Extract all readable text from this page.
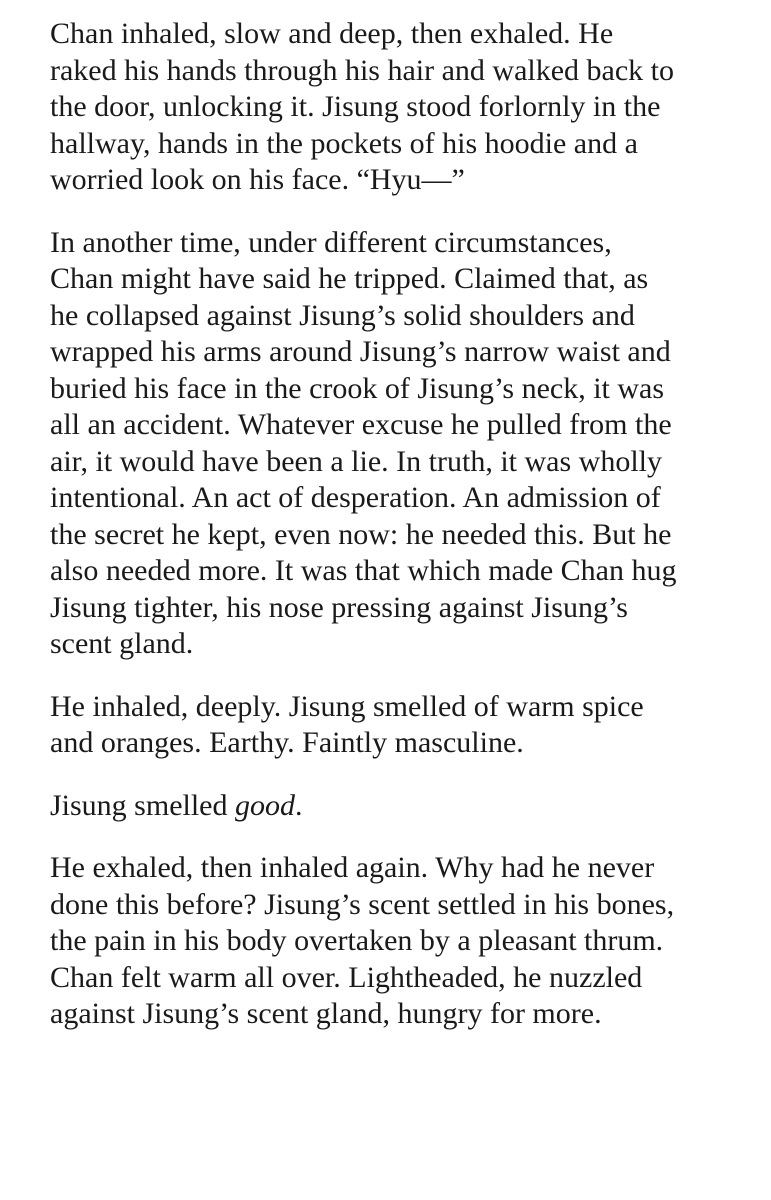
Chan inhaled, slow and deep, then exhaled. He
raked his hands through his hair and walked back to
the door, unlocking it. Jisung stood forlornly in the
hallway, hands in the pockets of his hoodie and a
worried look on his face. “Hyu—”

In another time, under different circumstances,
Chan might have said he tripped. Claimed that, as
he collapsed against Jisung’s solid shoulders and
wrapped his arms around Jisung’s narrow waist and
buried his face in the crook of Jisung’s neck, it was
all an accident. Whatever excuse he pulled from the
air, it would have been a lie. In truth, it was wholly
intentional. An act of desperation. An admission of
the secret he kept, even now: he needed this. But he
also needed more. It was that which made Chan hug
Jisung tighter, his nose pressing against Jisung’s
scent gland.

He inhaled, deeply. Jisung smelled of warm spice
and oranges. Earthy. Faintly masculine.

Jisung smelled good.

He exhaled, then inhaled again. Why had he never
done this before? Jisung’s scent settled in his bones,
the pain in his body overtaken by a pleasant thrum.
Chan felt warm all over. Lightheaded, he nuzzled
against Jisung’s scent gland, hungry for more.
